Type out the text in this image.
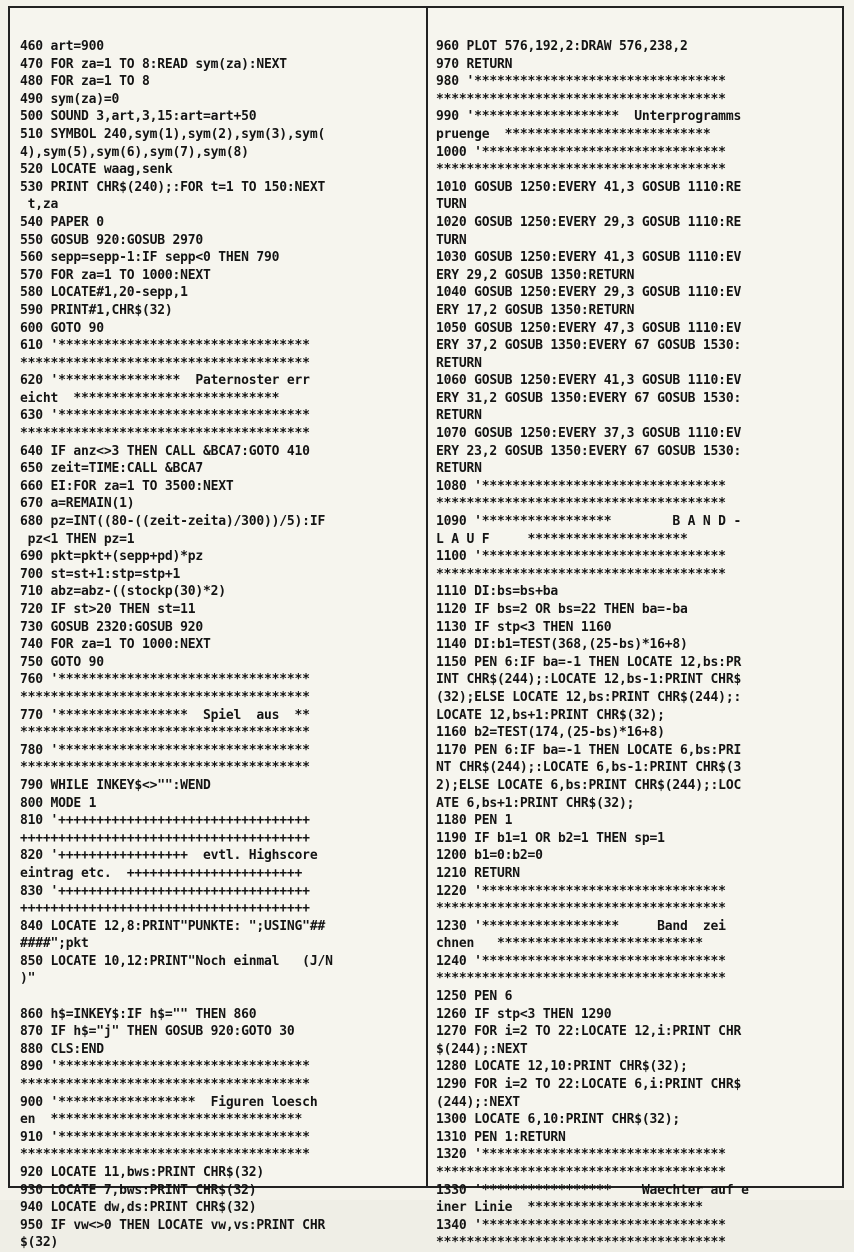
460 art=900
470 FOR za=1 TO 8:READ sym(za):NEXT
480 FOR za=1 TO 8
490 sym(za)=0
500 SOUND 3,art,3,15:art=art+50
510 SYMBOL 240,sym(1),sym(2),sym(3),sym(
4),sym(5),sym(6),sym(7),sym(8)
520 LOCATE waag,senk
530 PRINT CHR$(240);:FOR t=1 TO 150:NEXT
t,za
540 PAPER 0
550 GOSUB 920:GOSUB 2970
560 sepp=sepp-1:IF sepp<0 THEN 790
570 FOR za=1 TO 1000:NEXT
580 LOCATE#1,20-sepp,1
590 PRINT#1,CHR$(32)
600 GOTO 90
610 '*********************************
**************************************
620 '****************  Paternoster err
eicht  ***************************
630 '*********************************
**************************************
640 IF anz<>3 THEN CALL &BCA7:GOTO 410
650 zeit=TIME:CALL &BCA7
660 EI:FOR za=1 TO 3500:NEXT
670 a=REMAIN(1)
680 pz=INT((80-((zeit-zeita)/300))/5):IF
pz<1 THEN pz=1
690 pkt=pkt+(sepp+pd)*pz
700 st=st+1:stp=stp+1
710 abz=abz-((stockp(30)*2)
720 IF st>20 THEN st=11
730 GOSUB 2320:GOSUB 920
740 FOR za=1 TO 1000:NEXT
750 GOTO 90
760 '*********************************
**************************************
770 '*****************  Spiel  aus  **
**************************************
780 '*********************************
**************************************
790 WHILE INKEY$<>"":WEND
800 MODE 1
810 '+++++++++++++++++++++++++++++++++
++++++++++++++++++++++++++++++++++++++
820 '+++++++++++++++++  evtl. Highscore
eintrag etc.  +++++++++++++++++++++++
830 '+++++++++++++++++++++++++++++++++
++++++++++++++++++++++++++++++++++++++
840 LOCATE 12,8:PRINT"PUNKTE: ";USING"##
####";pkt
850 LOCATE 10,12:PRINT"Noch einmal   (J/N
)"
860 h$=INKEY$:IF h$="" THEN 860
870 IF h$="j" THEN GOSUB 920:GOTO 30
880 CLS:END
890 '*********************************
**************************************
900 '******************  Figuren loesch
en  *********************************
910 '*********************************
**************************************
920 LOCATE 11,bws:PRINT CHR$(32)
930 LOCATE 7,bws:PRINT CHR$(32)
940 LOCATE dw,ds:PRINT CHR$(32)
950 IF vw<>0 THEN LOCATE vw,vs:PRINT CHR
$(32)
960 PLOT 576,192,2:DRAW 576,238,2
970 RETURN
980 '*********************************
**************************************
990 '*******************  Unterprogramms
pruenge  ***************************
1000 '********************************
**************************************
1010 GOSUB 1250:EVERY 41,3 GOSUB 1110:RE
TURN
1020 GOSUB 1250:EVERY 29,3 GOSUB 1110:RE
TURN
1030 GOSUB 1250:EVERY 41,3 GOSUB 1110:EV
ERY 29,2 GOSUB 1350:RETURN
1040 GOSUB 1250:EVERY 29,3 GOSUB 1110:EV
ERY 17,2 GOSUB 1350:RETURN
1050 GOSUB 1250:EVERY 47,3 GOSUB 1110:EV
ERY 37,2 GOSUB 1350:EVERY 67 GOSUB 1530:
RETURN
1060 GOSUB 1250:EVERY 41,3 GOSUB 1110:EV
ERY 31,2 GOSUB 1350:EVERY 67 GOSUB 1530:
RETURN
1070 GOSUB 1250:EVERY 37,3 GOSUB 1110:EV
ERY 23,2 GOSUB 1350:EVERY 67 GOSUB 1530:
RETURN
1080 '********************************
**************************************
1090 '*****************        B A N D -
L A U F     *********************
1100 '********************************
**************************************
1110 DI:bs=bs+ba
1120 IF bs=2 OR bs=22 THEN ba=-ba
1130 IF stp<3 THEN 1160
1140 DI:b1=TEST(368,(25-bs)*16+8)
1150 PEN 6:IF ba=-1 THEN LOCATE 12,bs:PR
INT CHR$(244);:LOCATE 12,bs-1:PRINT CHR$
(32);ELSE LOCATE 12,bs:PRINT CHR$(244);:
LOCATE 12,bs+1:PRINT CHR$(32);
1160 b2=TEST(174,(25-bs)*16+8)
1170 PEN 6:IF ba=-1 THEN LOCATE 6,bs:PRI
NT CHR$(244);:LOCATE 6,bs-1:PRINT CHR$(3
2);ELSE LOCATE 6,bs:PRINT CHR$(244);:LOC
ATE 6,bs+1:PRINT CHR$(32);
1180 PEN 1
1190 IF b1=1 OR b2=1 THEN sp=1
1200 b1=0:b2=0
1210 RETURN
1220 '********************************
**************************************
1230 '******************     Band  zei
chnen   ***************************
1240 '********************************
**************************************
1250 PEN 6
1260 IF stp<3 THEN 1290
1270 FOR i=2 TO 22:LOCATE 12,i:PRINT CHR
$(244);:NEXT
1280 LOCATE 12,10:PRINT CHR$(32);
1290 FOR i=2 TO 22:LOCATE 6,i:PRINT CHR$
(244);:NEXT
1300 LOCATE 6,10:PRINT CHR$(32);
1310 PEN 1:RETURN
1320 '********************************
**************************************
1330 '*****************    Waechter auf e
iner Linie  ***********************
1340 '********************************
**************************************
